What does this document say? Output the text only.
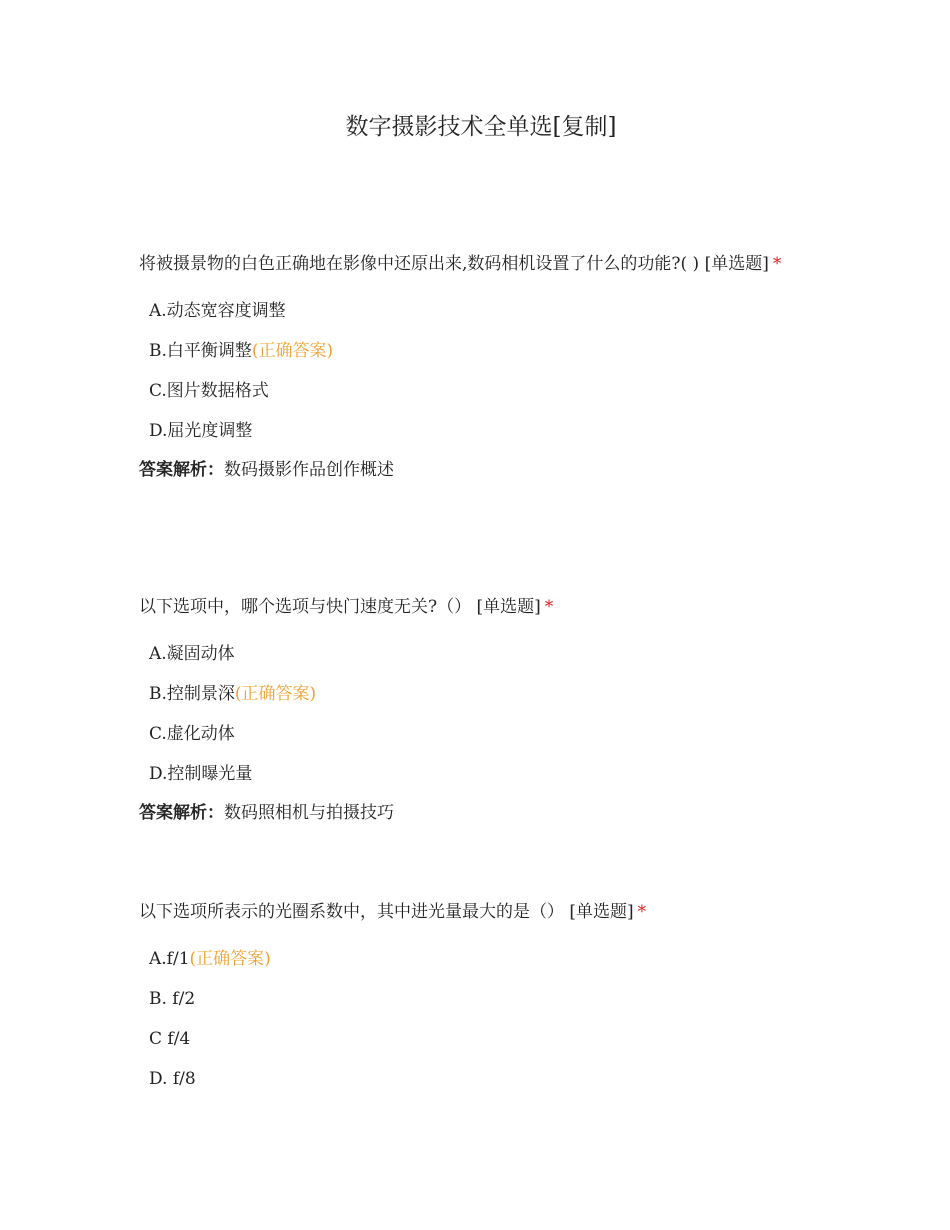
数字摄影技术全单选[复制]

将被摄景物的白色正确地在影像中还原出来,数码相机设置了什么的功能?( ) [单选题] *

A.动态宽容度调整
B.白平衡调整(正确答案)
C.图片数据格式
D.屈光度调整
答案解析：数码摄影作品创作概述

以下选项中，哪个选项与快门速度无关?（） [单选题] *

A.凝固动体
B.控制景深(正确答案)
C.虚化动体
D.控制曝光量
答案解析：数码照相机与拍摄技巧

以下选项所表示的光圈系数中，其中进光量最大的是（） [单选题] *

A.f/1(正确答案)
B. f/2
C f/4
D. f/8
